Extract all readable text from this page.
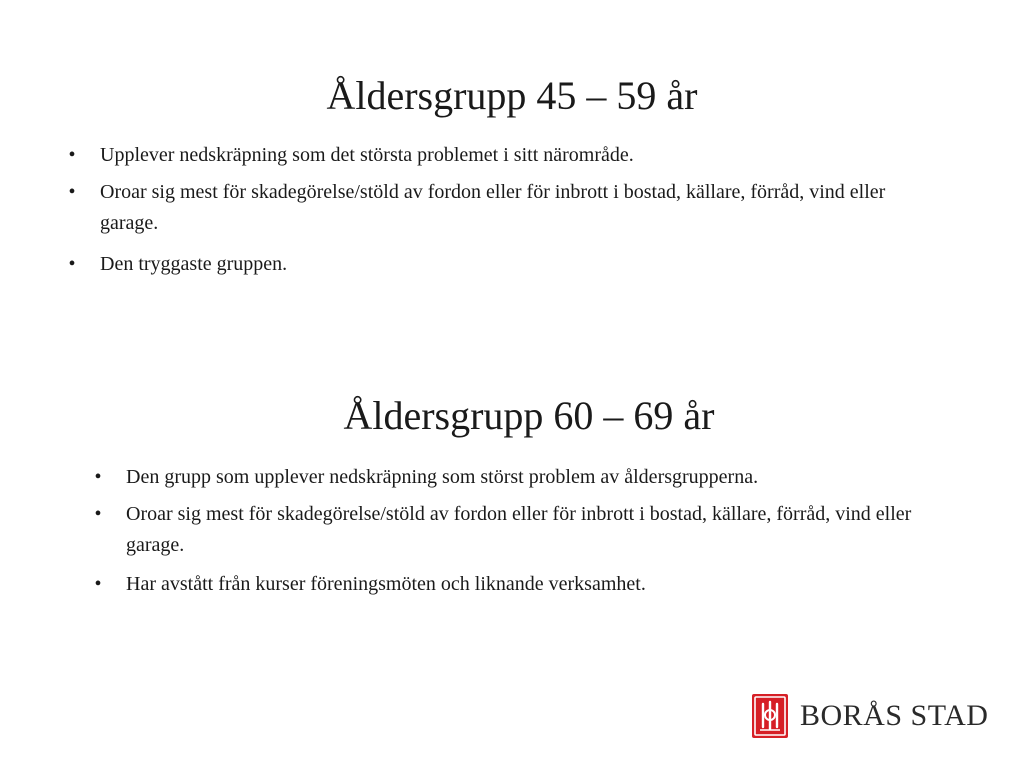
Åldersgrupp 45 – 59 år
•	Upplever nedskräpning som det största problemet i sitt närområde.
•	Oroar sig mest för skadegörelse/stöld av fordon eller för inbrott i bostad, källare, förråd, vind eller garage.
•	Den tryggaste gruppen.
Åldersgrupp 60 – 69 år
•	Den grupp som upplever nedskräpning som störst problem av åldersgrupperna.
•	Oroar sig mest för skadegörelse/stöld av fordon eller för inbrott i bostad, källare, förråd, vind eller garage.
•	Har avstått från kurser föreningsmöten och liknande verksamhet.
BORÅS STAD
